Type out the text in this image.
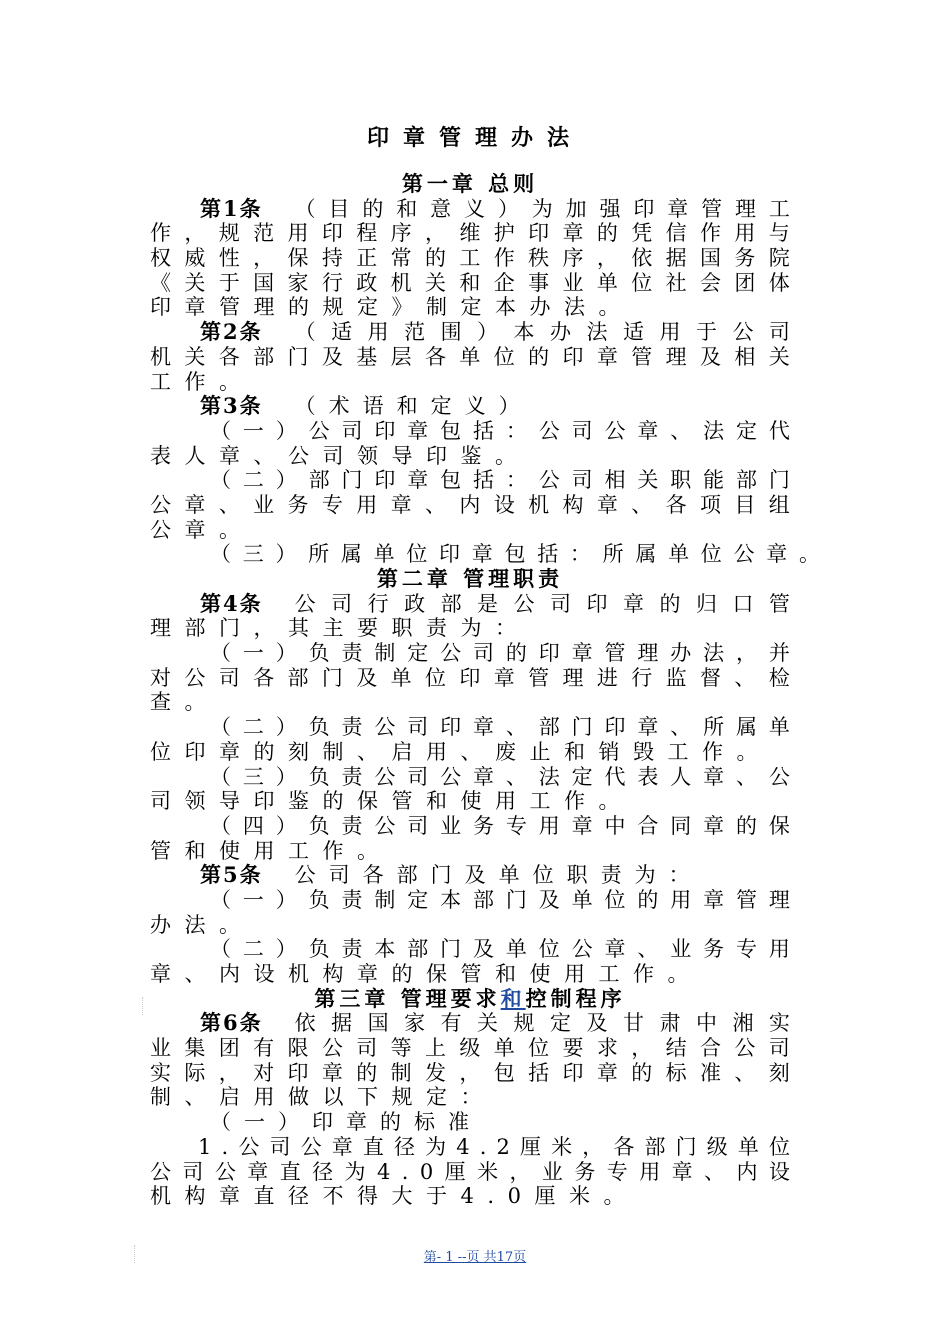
印章管理办法
第一章 总则
第1条 （ 目 的 和 意 义 ） 为 加 强 印 章 管 理 工
作 ， 规 范 用 印 程 序 ， 维 护 印 章 的 凭 信 作 用 与
权 威 性 ， 保 持 正 常 的 工 作 秩 序 ， 依 据 国 务 院
《 关 于 国 家 行 政 机 关 和 企 事 业 单 位 社 会 团 体
印 章 管 理 的 规 定 》 制 定 本 办 法 。
第2条 （ 适 用 范 围 ） 本 办 法 适 用 于 公 司
机 关 各 部 门 及 基 层 各 单 位 的 印 章 管 理 及 相 关
工 作 。
第3条 （ 术 语 和 定 义 ）
（ 一 ） 公 司 印 章 包 括 ： 公 司 公 章 、 法 定 代
表 人 章 、 公 司 领 导 印 鉴 。
（ 二 ） 部 门 印 章 包 括 ： 公 司 相 关 职 能 部 门
公 章 、 业 务 专 用 章 、 内 设 机 构 章 、 各 项 目 组
公 章 。
（ 三 ） 所 属 单 位 印 章 包 括 ： 所 属 单 位 公 章 。
第二章 管理职责
第4条 公 司 行 政 部 是 公 司 印 章 的 归 口 管
理 部 门 ， 其 主 要 职 责 为 ：
（ 一 ） 负 责 制 定 公 司 的 印 章 管 理 办 法 ， 并
对 公 司 各 部 门 及 单 位 印 章 管 理 进 行 监 督 、 检
查 。
（ 二 ） 负 责 公 司 印 章 、 部 门 印 章 、 所 属 单
位 印 章 的 刻 制 、 启 用 、 废 止 和 销 毁 工 作 。
（ 三 ） 负 责 公 司 公 章 、 法 定 代 表 人 章 、 公
司 领 导 印 鉴 的 保 管 和 使 用 工 作 。
（ 四 ） 负 责 公 司 业 务 专 用 章 中 合 同 章 的 保
管 和 使 用 工 作 。
第5条 公 司 各 部 门 及 单 位 职 责 为 ：
（ 一 ） 负 责 制 定 本 部 门 及 单 位 的 用 章 管 理
办 法 。
（ 二 ） 负 责 本 部 门 及 单 位 公 章 、 业 务 专 用
章 、 内 设 机 构 章 的 保 管 和 使 用 工 作 。
第三章 管理要求 和 控制程序
第6条 依 据 国 家 有 关 规 定 及 甘 肃 中 湘 实
业 集 团 有 限 公 司 等 上 级 单 位 要 求 ， 结 合 公 司
实 际 ， 对 印 章 的 制 发 ， 包 括 印 章 的 标 准 、 刻
制 、 启 用 做 以 下 规 定 ：
（ 一 ） 印 章 的 标 准
1 . 公 司 公 章 直 径 为 4 . 2 厘 米 ， 各 部 门 级 单 位
公 司 公 章 直 径 为 4 . 0 厘 米 ， 业 务 专 用 章 、 内 设
机 构 章 直 径 不 得 大 于 4 . 0 厘 米 。
第- 1 --页 共17页
